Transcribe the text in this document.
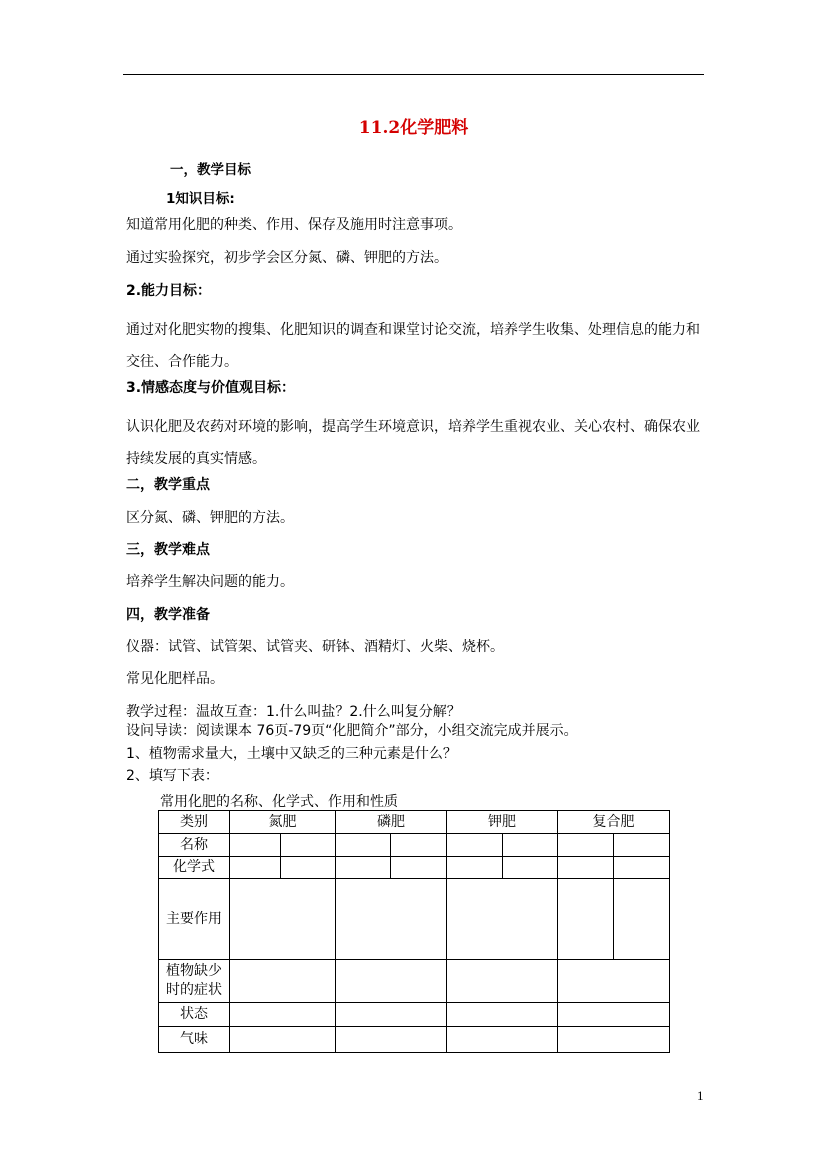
11.2化学肥料
一，教学目标
1知识目标:
知道常用化肥的种类、作用、保存及施用时注意事项。
通过实验探究，初步学会区分氮、磷、钾肥的方法。
2.能力目标：
通过对化肥实物的搜集、化肥知识的调查和课堂讨论交流，培养学生收集、处理信息的能力和交往、合作能力。
3.情感态度与价值观目标：
认识化肥及农药对环境的影响，提高学生环境意识，培养学生重视农业、关心农村、确保农业持续发展的真实情感。
二，教学重点
区分氮、磷、钾肥的方法。
三，教学难点
培养学生解决问题的能力。
四，教学准备
仪器：试管、试管架、试管夹、研钵、酒精灯、火柴、烧杯。
常见化肥样品。
教学过程：温故互查：1.什么叫盐？2.什么叫复分解？
设问导读：阅读课本 76页-79页“化肥简介”部分，小组交流完成并展示。
1、植物需求量大，土壤中又缺乏的三种元素是什么？
2、填写下表：
常用化肥的名称、化学式、作用和性质
类别	氮肥		磷肥		钾肥		复合肥	
名称								
化学式								
主要作用								
植物缺少
时的症状								
状态								
气味								
1
